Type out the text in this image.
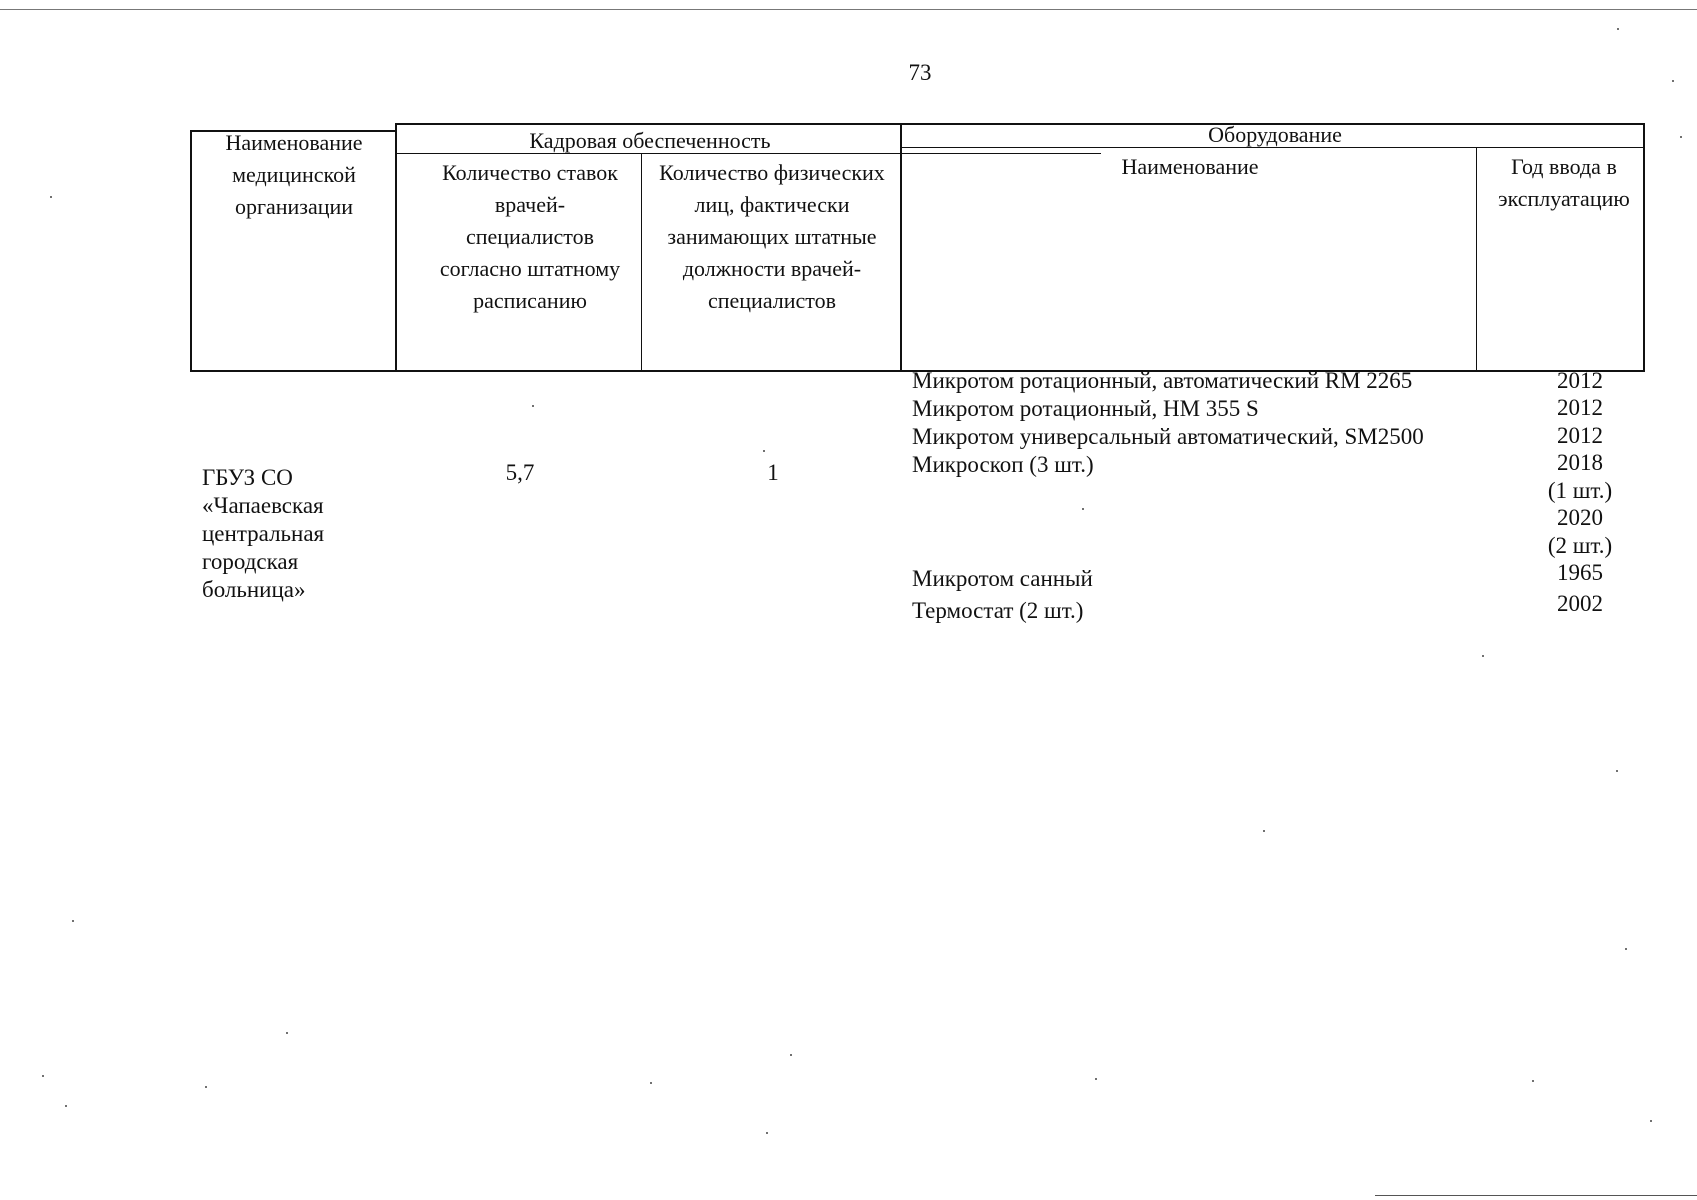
73
Наименование медицинской организации
Кадровая обеспеченность
Количество ставок врачей-специалистов согласно штатному расписанию
Количество физических лиц, фактически занимающих штатные должности врачей-специалистов
Оборудование
Наименование	Год ввода в эксплуатацию
ГБУЗ СО «Чапаевская центральная городская больница»
5,7	1
Микротом ротационный, автоматический RM 2265
Микротом ротационный, HM 355 S
Микротом универсальный автоматический, SM2500
Микроскоп (3 шт.)
Микротом санный
Термостат (2 шт.)
2012
2012
2012
2018
(1 шт.)
2020
(2 шт.)
1965
2002
